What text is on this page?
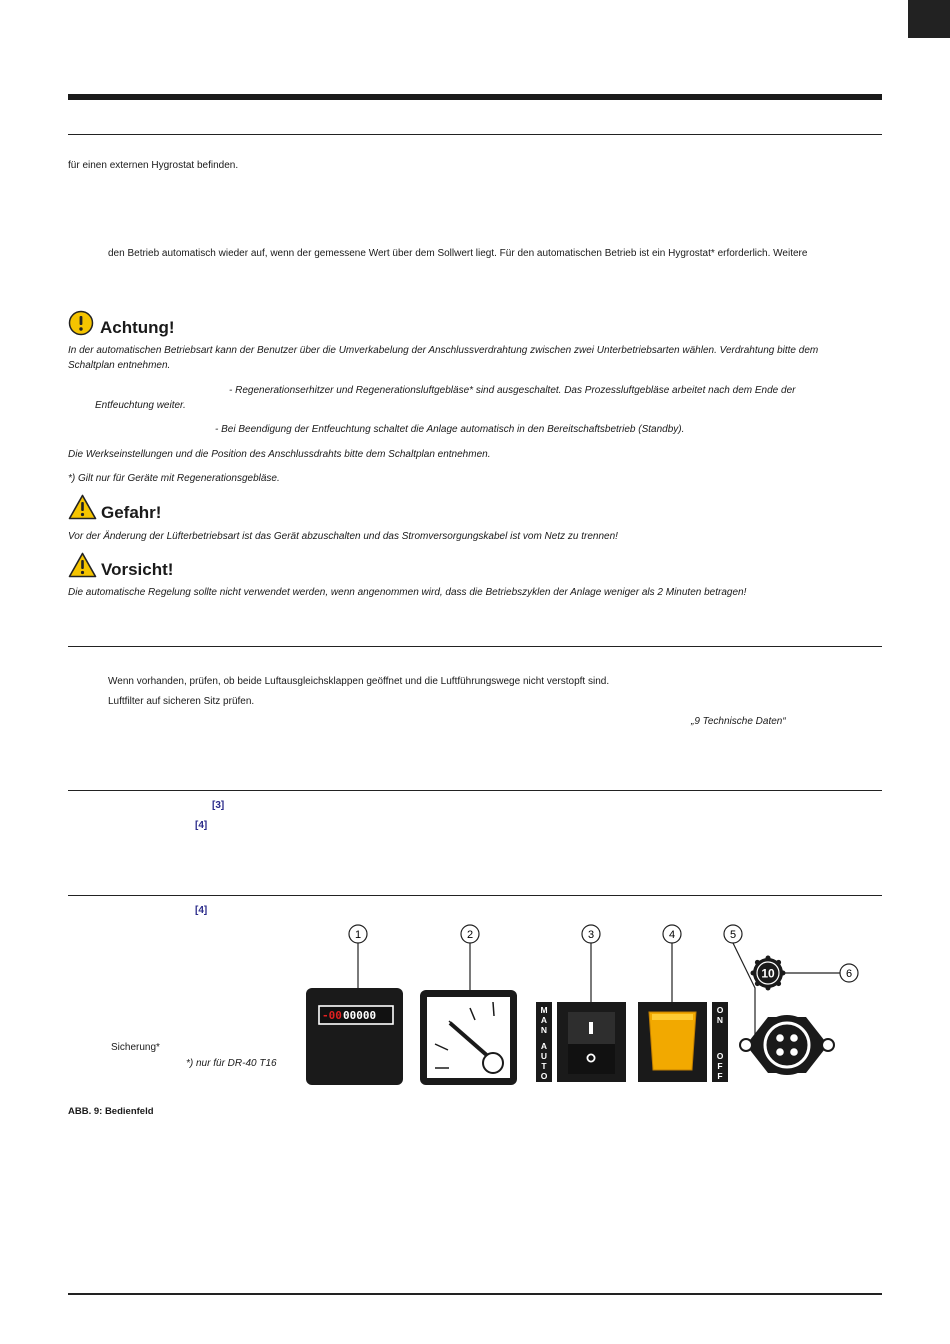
für einen externen Hygrostat befinden.
den Betrieb automatisch wieder auf, wenn der gemessene Wert über dem Sollwert liegt. Für den automatischen Betrieb ist ein Hygrostat* erforderlich. Weitere
Achtung!
In der automatischen Betriebsart kann der Benutzer über die Umverkabelung der Anschlussverdrahtung zwischen zwei Unterbetriebsarten wählen. Verdrahtung bitte dem
Schaltplan entnehmen.
- Regenerationserhitzer und Regenerationsluftgebläse* sind ausgeschaltet. Das Prozessluftgebläse arbeitet nach dem Ende der
Entfeuchtung weiter.
- Bei Beendigung der Entfeuchtung schaltet die Anlage automatisch in den Bereitschaftsbetrieb (Standby).
Die Werkseinstellungen und die Position des Anschlussdrahts bitte dem Schaltplan entnehmen.
*) Gilt nur für Geräte mit Regenerationsgebläse.
Gefahr!
Vor der Änderung der Lüfterbetriebsart ist das Gerät abzuschalten und das Stromversorgungskabel ist vom Netz zu trennen!
Vorsicht!
Die automatische Regelung sollte nicht verwendet werden, wenn angenommen wird, dass die Betriebszyklen der Anlage weniger als 2 Minuten betragen!
Wenn vorhanden, prüfen, ob beide Luftausgleichsklappen geöffnet und die Luftführungswege nicht verstopft sind.
Luftfilter auf sicheren Sitz prüfen.
„9 Technische Daten“
[3]
[4]
[4]
Sicherung*
*) nur für DR-40 T16
1	2	3	4	5
6
-00 00000	M
A
N
A
U
T
O
O
N
O
F
F
10
ABB. 9: Bedienfeld
